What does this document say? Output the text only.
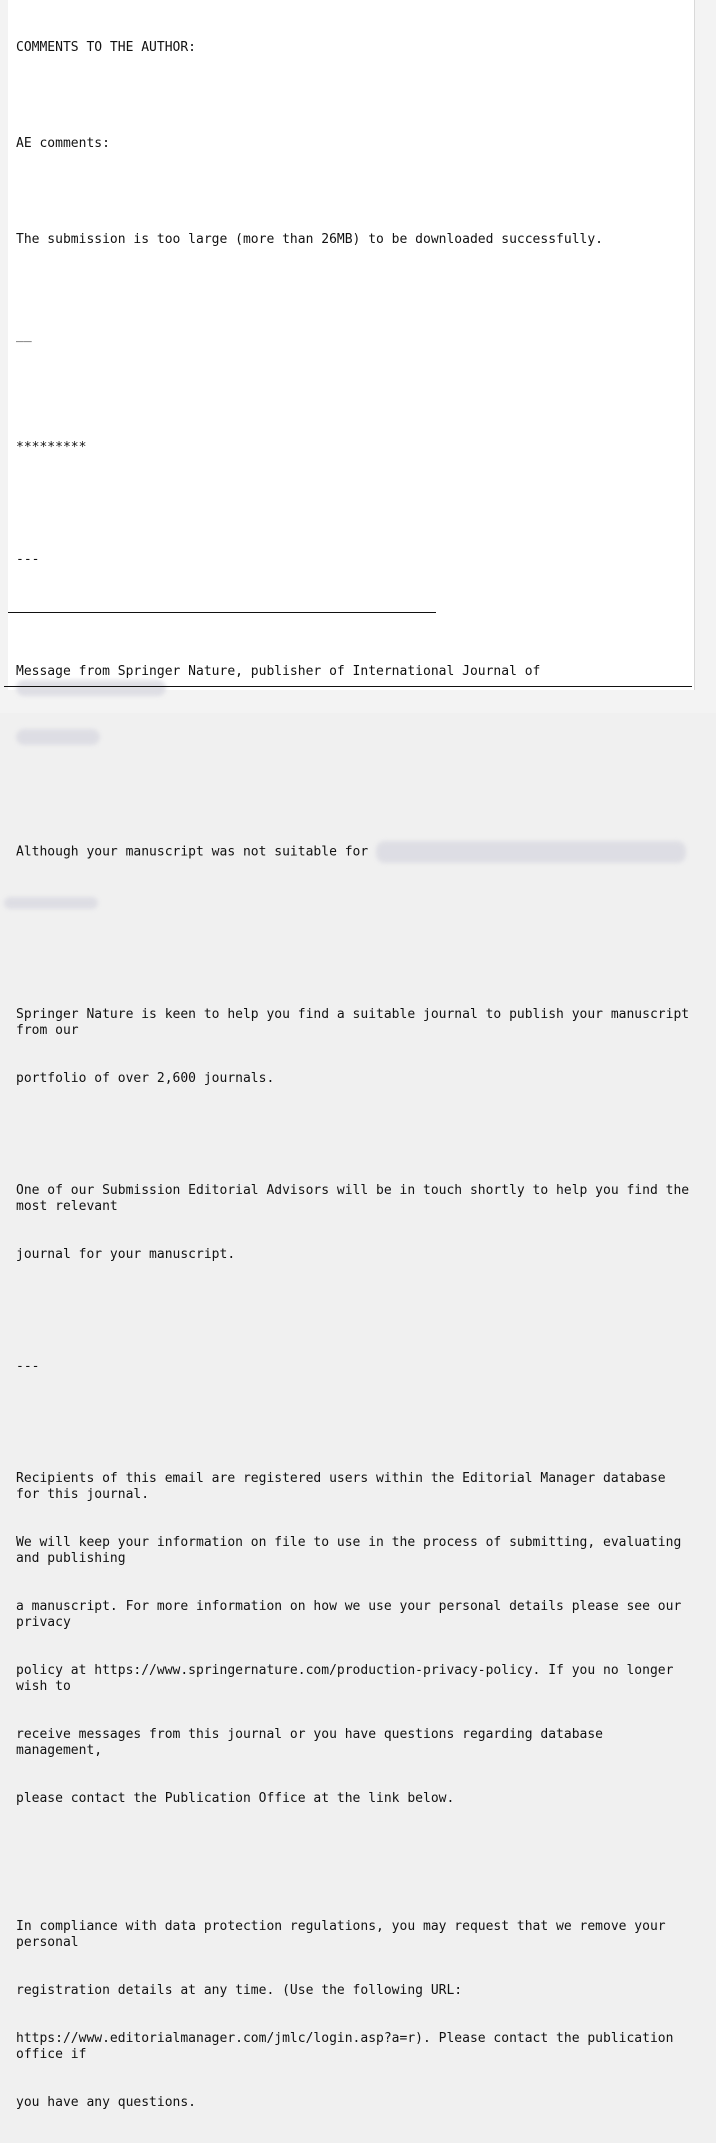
COMMENTS TO THE AUTHOR:

AE comments:

The submission is too large (more than 26MB) to be downloaded successfully.

__

*********

---

Message from Springer Nature, publisher of International Journal of

Although your manuscript was not suitable for

Springer Nature is keen to help you find a suitable journal to publish your manuscript from our

portfolio of over 2,600 journals.

One of our Submission Editorial Advisors will be in touch shortly to help you find the most relevant

journal for your manuscript.

---

Recipients of this email are registered users within the Editorial Manager database for this journal.

We will keep your information on file to use in the process of submitting, evaluating and publishing

a manuscript. For more information on how we use your personal details please see our privacy

policy at https://www.springernature.com/production-privacy-policy. If you no longer wish to

receive messages from this journal or you have questions regarding database management,

please contact the Publication Office at the link below.

In compliance with data protection regulations, you may request that we remove your personal

registration details at any time. (Use the following URL:

https://www.editorialmanager.com/jmlc/login.asp?a=r). Please contact the publication office if

you have any questions.
